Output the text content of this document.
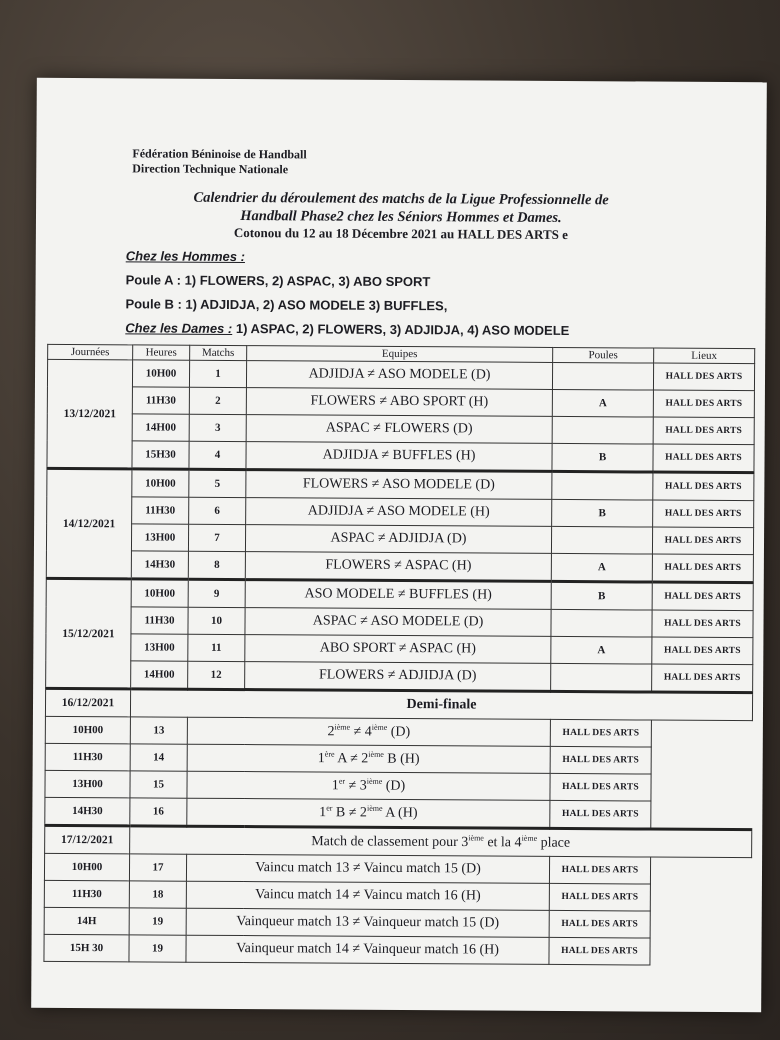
Fédération Béninoise de Handball
Direction Technique Nationale
Calendrier du déroulement des matchs de la Ligue Professionnelle de
Handball Phase2 chez les Séniors Hommes et Dames.
Cotonou du 12 au 18 Décembre 2021 au HALL DES ARTS e
Chez les Hommes :
Poule A : 1) FLOWERS, 2) ASPAC, 3) ABO SPORT
Poule B : 1) ADJIDJA, 2) ASO MODELE 3) BUFFLES,
Chez les Dames : 1) ASPAC, 2) FLOWERS, 3) ADJIDJA, 4) ASO MODELE
Journées	Heures	Matchs	Equipes	Poules	Lieux
13/12/2021	10H00	1	ADJIDJA ≠ ASO MODELE (D)		HALL DES ARTS
	11H30	2	FLOWERS ≠ ABO SPORT (H)	A	HALL DES ARTS
	14H00	3	ASPAC ≠ FLOWERS (D)		HALL DES ARTS
	15H30	4	ADJIDJA ≠ BUFFLES (H)	B	HALL DES ARTS
14/12/2021	10H00	5	FLOWERS ≠ ASO MODELE (D)		HALL DES ARTS
	11H30	6	ADJIDJA ≠ ASO MODELE (H)	B	HALL DES ARTS
	13H00	7	ASPAC ≠ ADJIDJA (D)		HALL DES ARTS
	14H30	8	FLOWERS ≠ ASPAC (H)	A	HALL DES ARTS
15/12/2021	10H00	9	ASO MODELE ≠ BUFFLES (H)	B	HALL DES ARTS
	11H30	10	ASPAC ≠ ASO MODELE (D)		HALL DES ARTS
	13H00	11	ABO SPORT ≠ ASPAC (H)	A	HALL DES ARTS
	14H00	12	FLOWERS ≠ ADJIDJA (D)		HALL DES ARTS
16/12/2021	Demi-finale				
10H00	13	2ième ≠ 4ième (D)		HALL DES ARTS	
11H30	14	1ère A ≠ 2ième B (H)		HALL DES ARTS	
13H00	15	1er ≠ 3ième (D)		HALL DES ARTS	
14H30	16	1er B ≠ 2ième A (H)		HALL DES ARTS	
17/12/2021	Match de classement pour 3ième et la 4ième place				
10H00	17	Vaincu match 13 ≠ Vaincu match 15 (D)		HALL DES ARTS	
11H30	18	Vaincu match 14 ≠ Vaincu match 16 (H)		HALL DES ARTS	
14H	19	Vainqueur match 13 ≠ Vainqueur match 15 (D)		HALL DES ARTS	
15H 30	19	Vainqueur match 14 ≠ Vainqueur match 16 (H)		HALL DES ARTS	
